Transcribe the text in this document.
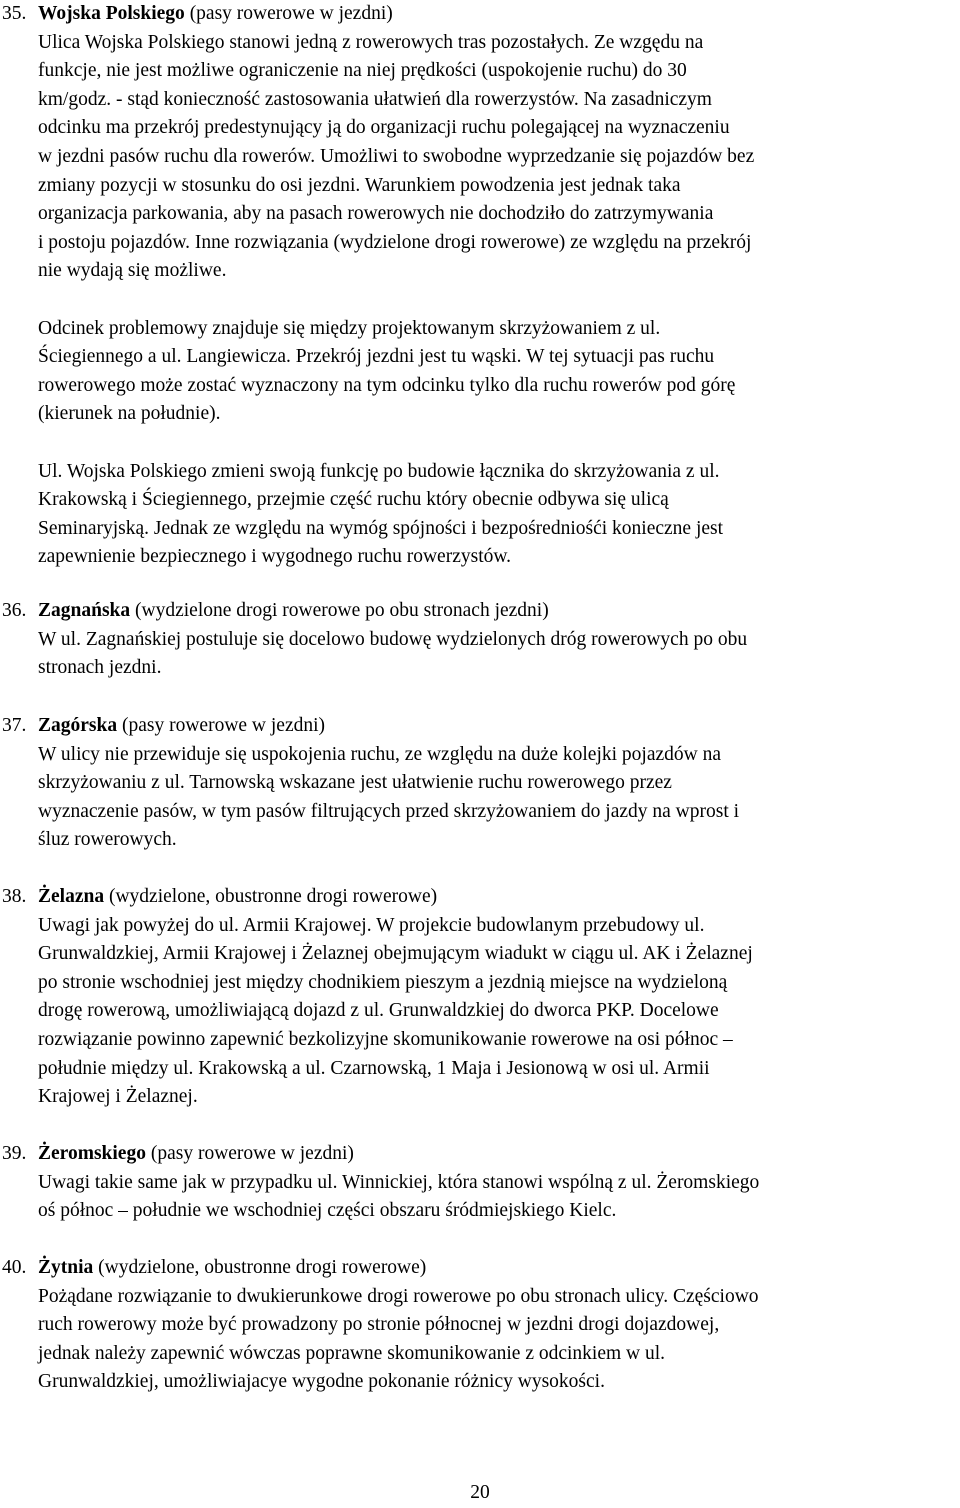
35. Wojska Polskiego (pasy rowerowe w jezdni)
Ulica Wojska Polskiego stanowi jedną z rowerowych tras pozostałych. Ze wzgędu na
funkcje, nie jest możliwe ograniczenie na niej prędkości (uspokojenie ruchu) do 30
km/godz. - stąd konieczność zastosowania ułatwień dla rowerzystów. Na zasadniczym
odcinku ma przekrój predestynujący ją do organizacji ruchu polegającej na wyznaczeniu
w jezdni pasów ruchu dla rowerów. Umożliwi to swobodne wyprzedzanie się pojazdów bez
zmiany pozycji w stosunku do osi jezdni. Warunkiem powodzenia jest jednak taka
organizacja parkowania, aby na pasach rowerowych nie dochodziło do zatrzymywania
i postoju pojazdów. Inne rozwiązania (wydzielone drogi rowerowe) ze względu na przekrój
nie wydają się możliwe.
Odcinek problemowy znajduje się między projektowanym skrzyżowaniem z ul.
Ściegiennego a ul. Langiewicza. Przekrój jezdni jest tu wąski. W tej sytuacji pas ruchu
rowerowego może zostać wyznaczony na tym odcinku tylko dla ruchu rowerów pod górę
(kierunek na południe).
Ul. Wojska Polskiego zmieni swoją funkcję po budowie łącznika do skrzyżowania z ul.
Krakowską i Ściegiennego, przejmie część ruchu który obecnie odbywa się ulicą
Seminaryjską. Jednak ze względu na wymóg spójności i bezpośredniośći konieczne jest
zapewnienie bezpiecznego i wygodnego ruchu rowerzystów.
36. Zagnańska (wydzielone drogi rowerowe po obu stronach jezdni)
W ul. Zagnańskiej postuluje się docelowo budowę wydzielonych dróg rowerowych po obu
stronach jezdni.
37. Zagórska (pasy rowerowe w jezdni)
W ulicy nie przewiduje się uspokojenia ruchu, ze względu na duże kolejki pojazdów na
skrzyżowaniu z ul. Tarnowską wskazane jest ułatwienie ruchu rowerowego przez
wyznaczenie pasów, w tym pasów filtrujących przed skrzyżowaniem do jazdy na wprost i
śluz rowerowych.
38. Żelazna (wydzielone, obustronne drogi rowerowe)
Uwagi jak powyżej do ul. Armii Krajowej. W projekcie budowlanym przebudowy ul.
Grunwaldzkiej, Armii Krajowej i Żelaznej obejmującym wiadukt w ciągu ul. AK i Żelaznej
po stronie wschodniej jest między chodnikiem pieszym a jezdnią miejsce na wydzieloną
drogę rowerową, umożliwiającą dojazd z ul. Grunwaldzkiej do dworca PKP. Docelowe
rozwiązanie powinno zapewnić bezkolizyjne skomunikowanie rowerowe na osi północ –
południe między ul. Krakowską a ul. Czarnowską, 1 Maja i Jesionową w osi ul. Armii
Krajowej i Żelaznej.
39. Żeromskiego (pasy rowerowe w jezdni)
Uwagi takie same jak w przypadku ul. Winnickiej, która stanowi wspólną z ul. Żeromskiego
oś północ – południe we wschodniej części obszaru śródmiejskiego Kielc.
40. Żytnia (wydzielone, obustronne drogi rowerowe)
Pożądane rozwiązanie to dwukierunkowe drogi rowerowe po obu stronach ulicy. Częściowo
ruch rowerowy może być prowadzony po stronie północnej w jezdni drogi dojazdowej,
jednak należy zapewnić wówczas poprawne skomunikowanie z odcinkiem w ul.
Grunwaldzkiej, umożliwiajacye wygodne pokonanie różnicy wysokości.
20
